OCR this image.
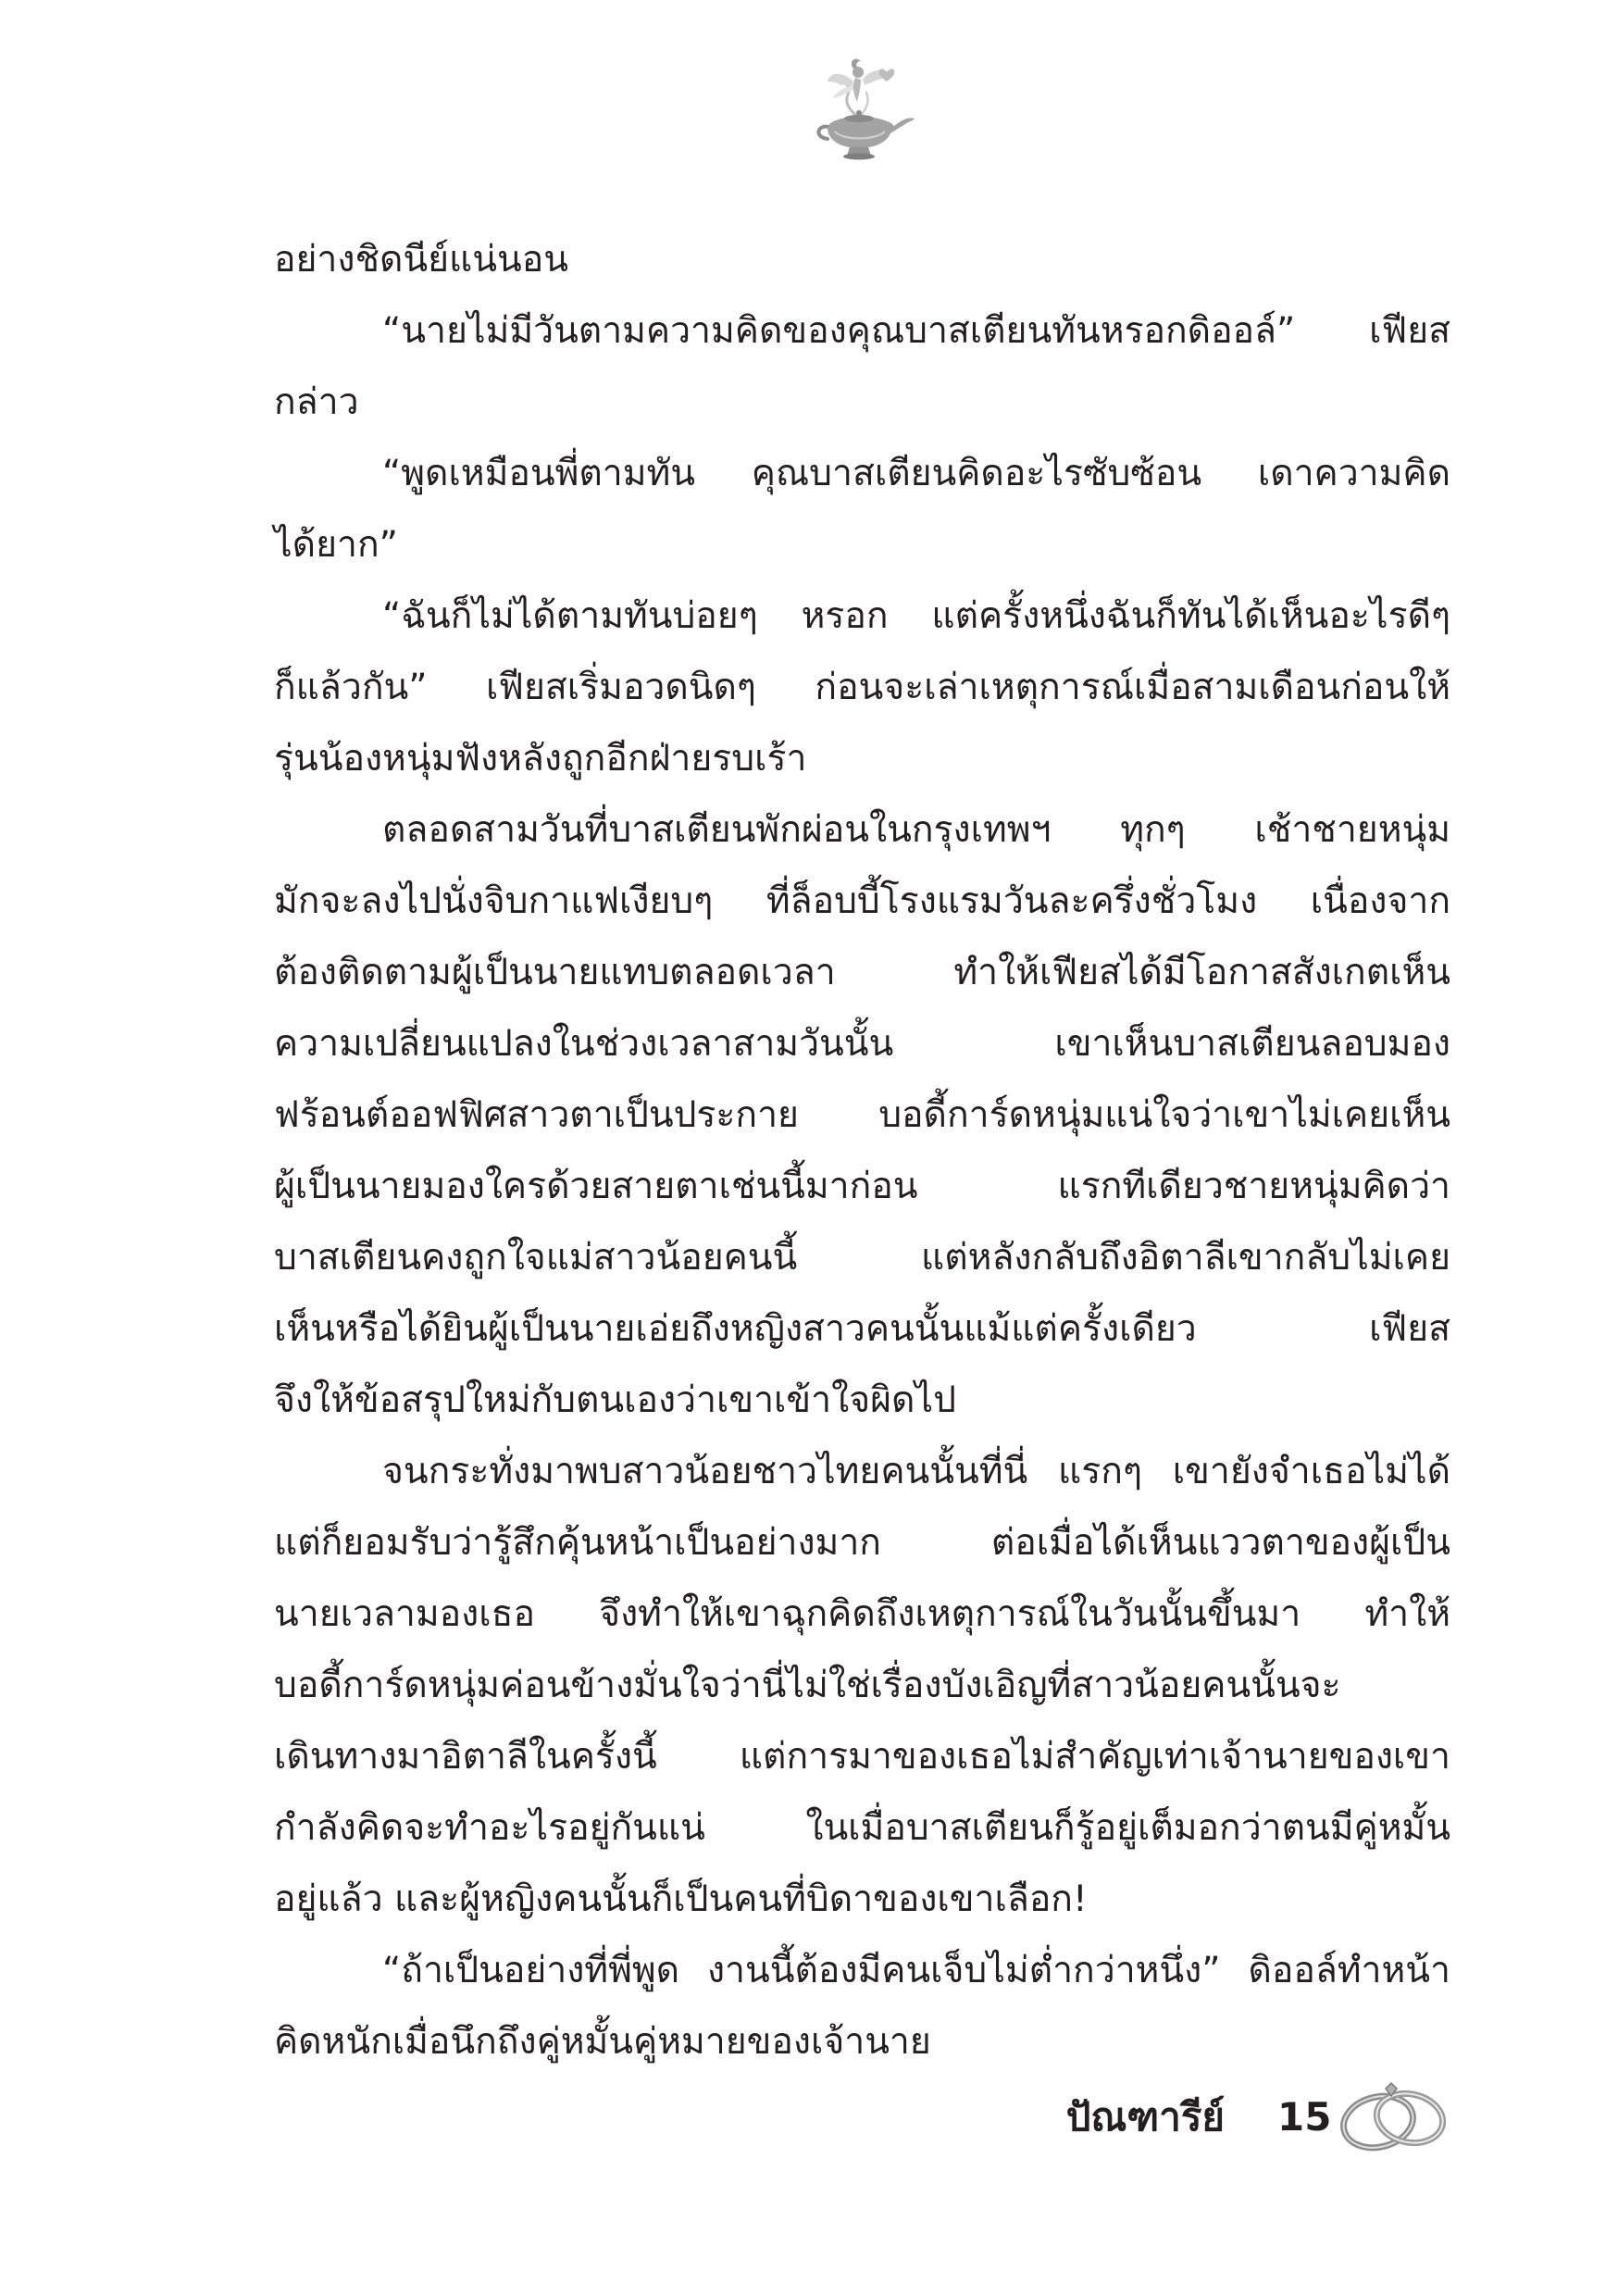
อย่างชิดนีย์แน่นอน
“นายไม่มีวันตามความคิดของคุณบาสเตียนทันหรอกดิออล์” เฟียส
กล่าว
“พูดเหมือนพี่ตามทัน คุณบาสเตียนคิดอะไรซับซ้อน เดาความคิด
ได้ยาก”
“ฉันก็ไม่ได้ตามทันบ่อยๆ หรอก แต่ครั้งหนึ่งฉันก็ทันได้เห็นอะไรดีๆ
ก็แล้วกัน” เฟียสเริ่มอวดนิดๆ ก่อนจะเล่าเหตุการณ์เมื่อสามเดือนก่อนให้
รุ่นน้องหนุ่มฟังหลังถูกอีกฝ่ายรบเร้า
ตลอดสามวันที่บาสเตียนพักผ่อนในกรุงเทพฯ ทุกๆ เช้าชายหนุ่ม
มักจะลงไปนั่งจิบกาแฟเงียบๆ ที่ล็อบบี้โรงแรมวันละครึ่งชั่วโมง เนื่องจาก
ต้องติดตามผู้เป็นนายแทบตลอดเวลา ทำให้เฟียสได้มีโอกาสสังเกตเห็น
ความเปลี่ยนแปลงในช่วงเวลาสามวันนั้น เขาเห็นบาสเตียนลอบมอง
ฟร้อนต์ออฟฟิศสาวตาเป็นประกาย บอดี้การ์ดหนุ่มแน่ใจว่าเขาไม่เคยเห็น
ผู้เป็นนายมองใครด้วยสายตาเช่นนี้มาก่อน แรกทีเดียวชายหนุ่มคิดว่า
บาสเตียนคงถูกใจแม่สาวน้อยคนนี้ แต่หลังกลับถึงอิตาลีเขากลับไม่เคย
เห็นหรือได้ยินผู้เป็นนายเอ่ยถึงหญิงสาวคนนั้นแม้แต่ครั้งเดียว เฟียส
จึงให้ข้อสรุปใหม่กับตนเองว่าเขาเข้าใจผิดไป
จนกระทั่งมาพบสาวน้อยชาวไทยคนนั้นที่นี่ แรกๆ เขายังจำเธอไม่ได้
แต่ก็ยอมรับว่ารู้สึกคุ้นหน้าเป็นอย่างมาก ต่อเมื่อได้เห็นแววตาของผู้เป็น
นายเวลามองเธอ จึงทำให้เขาฉุกคิดถึงเหตุการณ์ในวันนั้นขึ้นมา ทำให้
บอดี้การ์ดหนุ่มค่อนข้างมั่นใจว่านี่ไม่ใช่เรื่องบังเอิญที่สาวน้อยคนนั้นจะ
เดินทางมาอิตาลีในครั้งนี้ แต่การมาของเธอไม่สำคัญเท่าเจ้านายของเขา
กำลังคิดจะทำอะไรอยู่กันแน่ ในเมื่อบาสเตียนก็รู้อยู่เต็มอกว่าตนมีคู่หมั้น
อยู่แล้ว และผู้หญิงคนนั้นก็เป็นคนที่บิดาของเขาเลือก!
“ถ้าเป็นอย่างที่พี่พูด งานนี้ต้องมีคนเจ็บไม่ต่ำกว่าหนึ่ง” ดิออล์ทำหน้า
คิดหนักเมื่อนึกถึงคู่หมั้นคู่หมายของเจ้านาย
ปัณฑารีย์ 15
